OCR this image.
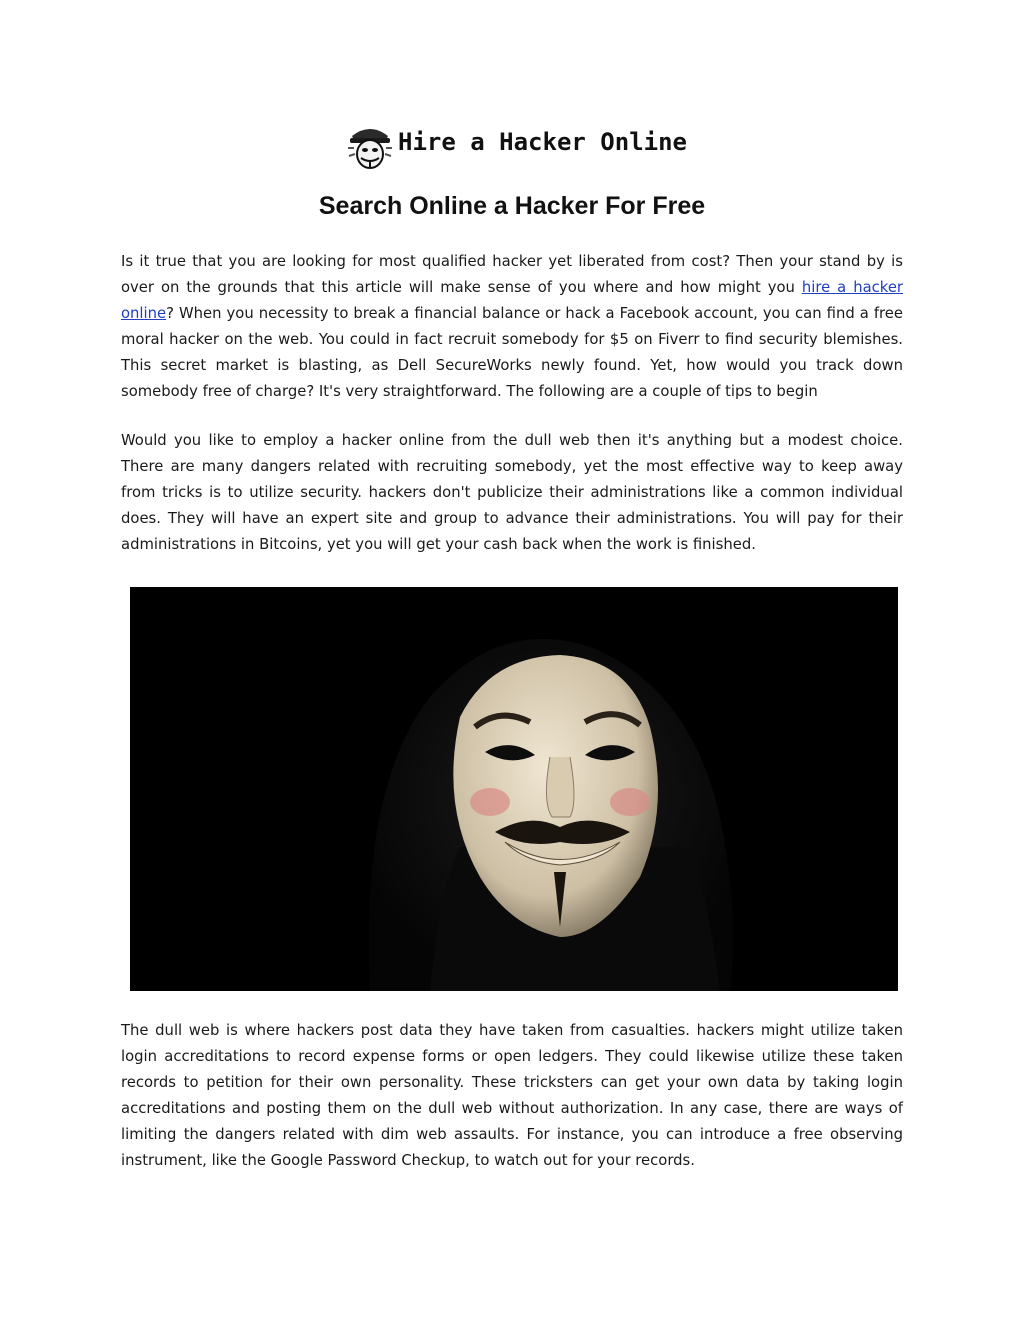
Hire a Hacker Online
Search Online a Hacker For Free

Is it true that you are looking for most qualified hacker yet liberated from cost? Then your stand by is over on the grounds that this article will make sense of you where and how might you hire a hacker online? When you necessity to break a financial balance or hack a Facebook account, you can find a free moral hacker on the web. You could in fact recruit somebody for $5 on Fiverr to find security blemishes. This secret market is blasting, as Dell SecureWorks newly found. Yet, how would you track down somebody free of charge? It's very straightforward. The following are a couple of tips to begin

Would you like to employ a hacker online from the dull web then it's anything but a modest choice. There are many dangers related with recruiting somebody, yet the most effective way to keep away from tricks is to utilize security. hackers don't publicize their administrations like a common individual does. They will have an expert site and group to advance their administrations. You will pay for their administrations in Bitcoins, yet you will get your cash back when the work is finished.

The dull web is where hackers post data they have taken from casualties. hackers might utilize taken login accreditations to record expense forms or open ledgers. They could likewise utilize these taken records to petition for their own personality. These tricksters can get your own data by taking login accreditations and posting them on the dull web without authorization. In any case, there are ways of limiting the dangers related with dim web assaults. For instance, you can introduce a free observing instrument, like the Google Password Checkup, to watch out for your records.
